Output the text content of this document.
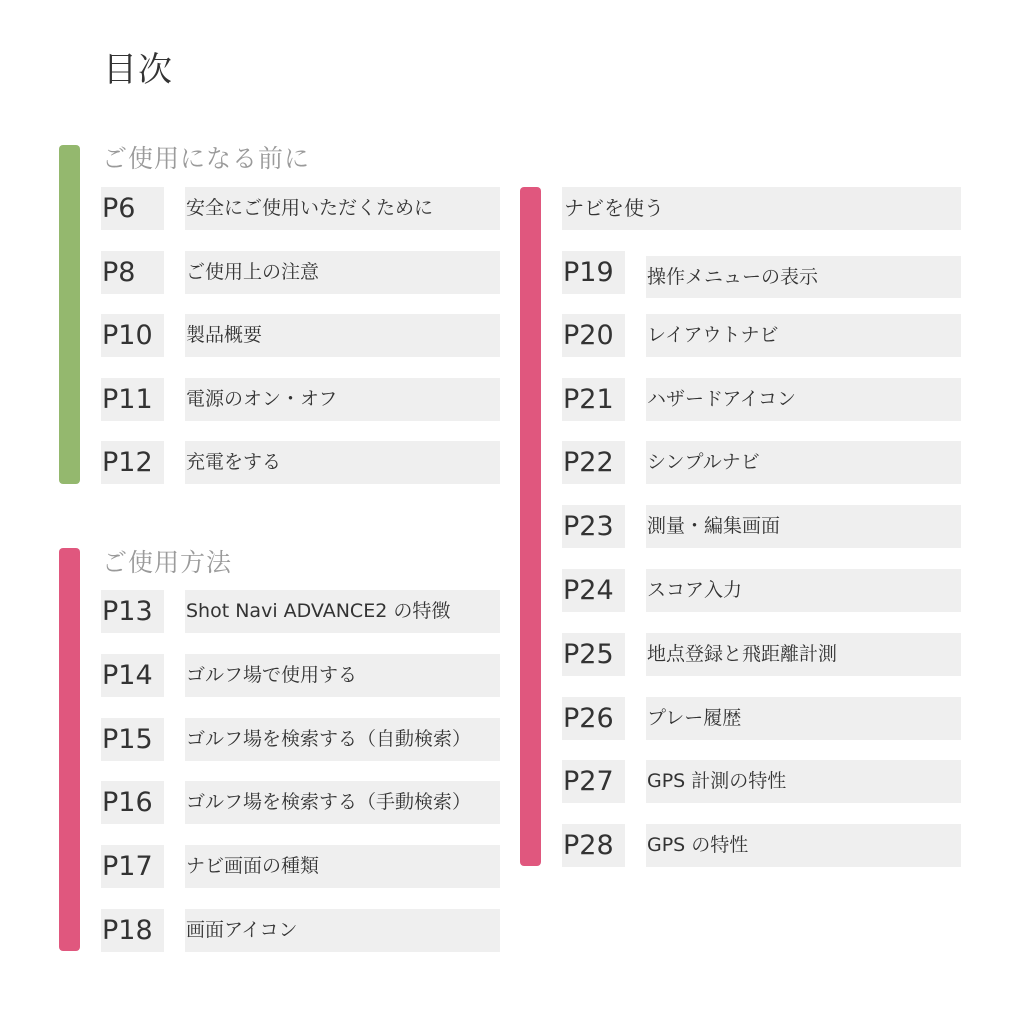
目次
ご使用になる前に
P6	安全にご使用いただくために
P8	ご使用上の注意
P10	製品概要
P11	電源のオン・オフ
P12	充電をする
ご使用方法
P13	Shot Navi ADVANCE2 の特徴
P14	ゴルフ場で使用する
P15	ゴルフ場を検索する（自動検索）
P16	ゴルフ場を検索する（手動検索）
P17	ナビ画面の種類
P18	画面アイコン
ナビを使う
P19	操作メニューの表示
P20	レイアウトナビ
P21	ハザードアイコン
P22	シンプルナビ
P23	測量・編集画面
P24	スコア入力
P25	地点登録と飛距離計測
P26	プレー履歴
P27	GPS 計測の特性
P28	GPS の特性
